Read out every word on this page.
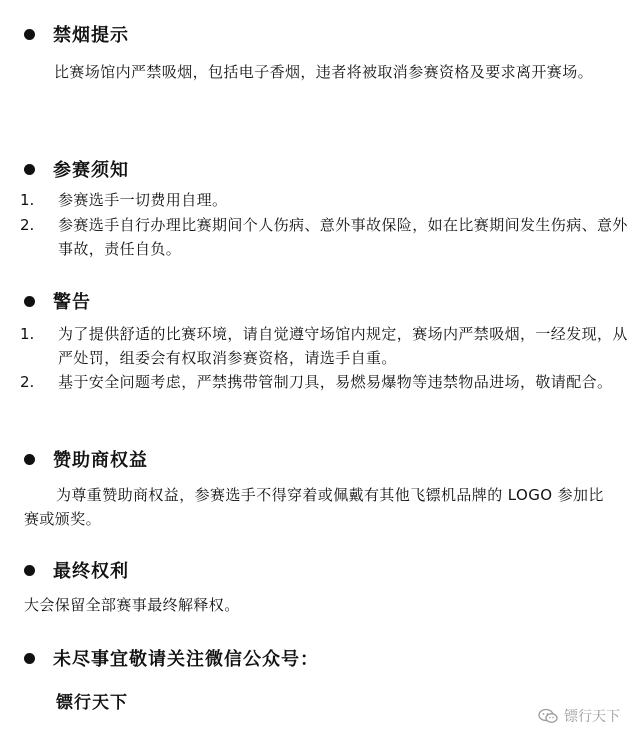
禁烟提示
比赛场馆内严禁吸烟，包括电子香烟，违者将被取消参赛资格及要求离开赛场。
参赛须知
1.	参赛选手一切费用自理。
2.	参赛选手自行办理比赛期间个人伤病、意外事故保险，如在比赛期间发生伤病、意外事故，责任自负。
警告
1.	为了提供舒适的比赛环境，请自觉遵守场馆内规定，赛场内严禁吸烟，一经发现，从严处罚，组委会有权取消参赛资格，请选手自重。
2.	基于安全问题考虑，严禁携带管制刀具，易燃易爆物等违禁物品进场，敬请配合。
赞助商权益
为尊重赞助商权益，参赛选手不得穿着或佩戴有其他飞镖机品牌的 LOGO 参加比赛或颁奖。
最终权利
大会保留全部赛事最终解释权。
未尽事宜敬请关注微信公众号：
镖行天下
镖行天下
